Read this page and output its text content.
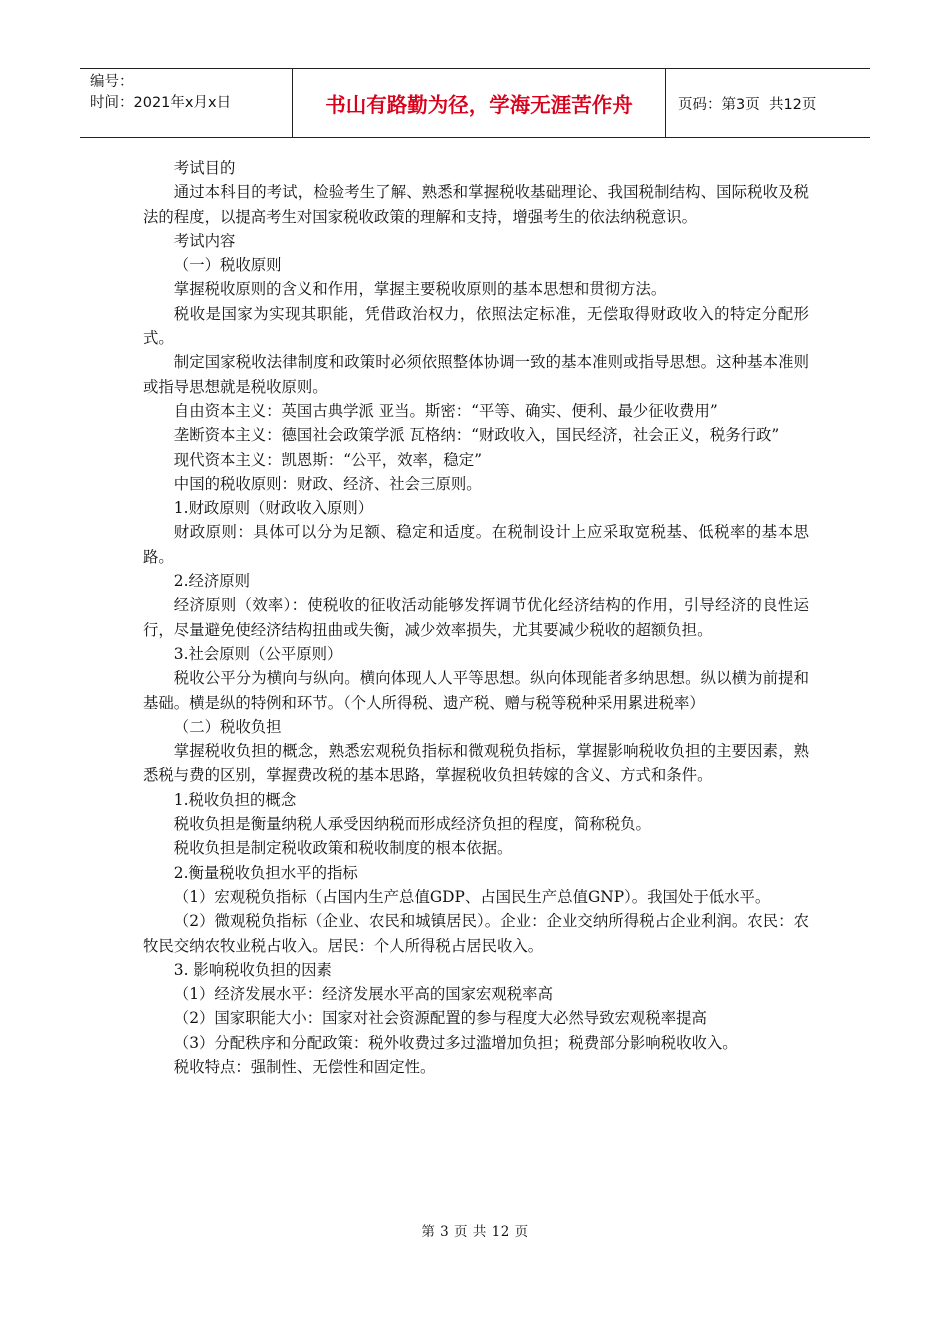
编号：
时间：2021年x月x日	书山有路勤为径，学海无涯苦作舟	页码：第3页  共12页

考试目的

通过本科目的考试，检验考生了解、熟悉和掌握税收基础理论、我国税制结构、国际税收及税法的程度，以提高考生对国家税收政策的理解和支持，增强考生的依法纳税意识。

考试内容

（一）税收原则

掌握税收原则的含义和作用，掌握主要税收原则的基本思想和贯彻方法。

税收是国家为实现其职能，凭借政治权力，依照法定标准，无偿取得财政收入的特定分配形式。

制定国家税收法律制度和政策时必须依照整体协调一致的基本准则或指导思想。这种基本准则或指导思想就是税收原则。

自由资本主义：英国古典学派 亚当。斯密：“平等、确实、便利、最少征收费用”

垄断资本主义：德国社会政策学派 瓦格纳：“财政收入，国民经济，社会正义，税务行政”

现代资本主义：凯恩斯：“公平，效率，稳定”

中国的税收原则：财政、经济、社会三原则。

1.财政原则（财政收入原则）

财政原则：具体可以分为足额、稳定和适度。在税制设计上应采取宽税基、低税率的基本思路。

2.经济原则

经济原则（效率）：使税收的征收活动能够发挥调节优化经济结构的作用，引导经济的良性运行，尽量避免使经济结构扭曲或失衡，减少效率损失，尤其要减少税收的超额负担。

3.社会原则（公平原则）

税收公平分为横向与纵向。横向体现人人平等思想。纵向体现能者多纳思想。纵以横为前提和基础。横是纵的特例和环节。（个人所得税、遗产税、赠与税等税种采用累进税率）

（二）税收负担

掌握税收负担的概念，熟悉宏观税负指标和微观税负指标，掌握影响税收负担的主要因素，熟悉税与费的区别，掌握费改税的基本思路，掌握税收负担转嫁的含义、方式和条件。

1.税收负担的概念

税收负担是衡量纳税人承受因纳税而形成经济负担的程度，简称税负。

税收负担是制定税收政策和税收制度的根本依据。

2.衡量税收负担水平的指标

（1）宏观税负指标（占国内生产总值GDP、占国民生产总值GNP）。我国处于低水平。

（2）微观税负指标（企业、农民和城镇居民）。企业：企业交纳所得税占企业利润。农民：农牧民交纳农牧业税占收入。居民：个人所得税占居民收入。

3. 影响税收负担的因素

（1）经济发展水平：经济发展水平高的国家宏观税率高

（2）国家职能大小：国家对社会资源配置的参与程度大必然导致宏观税率提高

（3）分配秩序和分配政策：税外收费过多过滥增加负担；税费部分影响税收收入。

税收特点：强制性、无偿性和固定性。

第 3 页 共 12 页
